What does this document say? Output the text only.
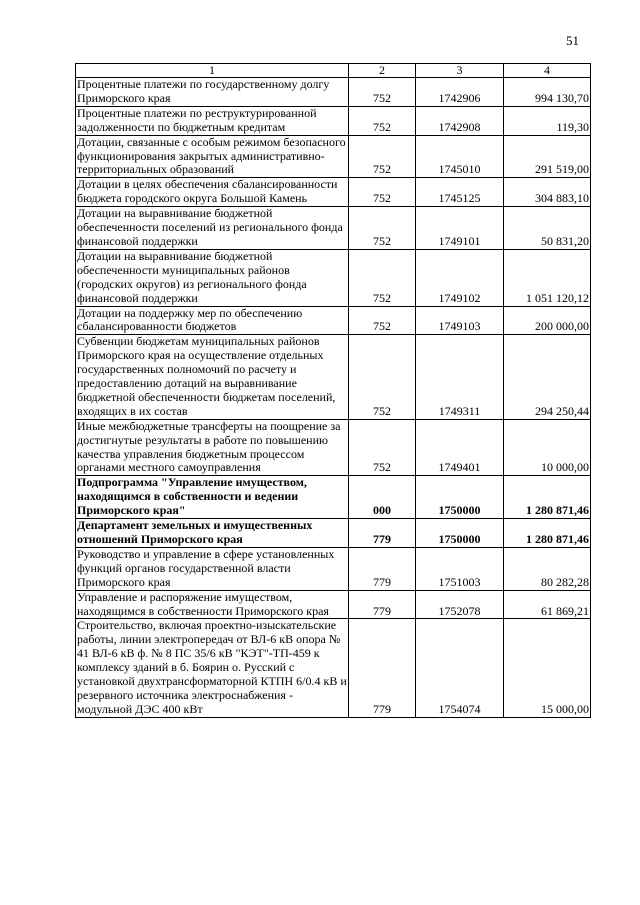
51
1	2	3	4
Процентные платежи по государственному долгу Приморского края	752	1742906	994 130,70
Процентные платежи по реструктурированной задолженности по бюджетным кредитам	752	1742908	119,30
Дотации, связанные с особым режимом безопасного функционирования закрытых административно-территориальных образований	752	1745010	291 519,00
Дотации в целях обеспечения сбалансированности бюджета городского округа Большой Камень	752	1745125	304 883,10
Дотации на выравнивание бюджетной обеспеченности поселений из регионального фонда финансовой поддержки	752	1749101	50 831,20
Дотации на выравнивание бюджетной обеспеченности муниципальных районов (городских округов) из регионального фонда финансовой поддержки	752	1749102	1 051 120,12
Дотации на поддержку мер по обеспечению сбалансированности бюджетов	752	1749103	200 000,00
Субвенции бюджетам муниципальных районов Приморского края на осуществление отдельных государственных полномочий по расчету и предоставлению дотаций на выравнивание бюджетной обеспеченности бюджетам поселений, входящих в их состав	752	1749311	294 250,44
Иные межбюджетные трансферты на поощрение за достигнутые результаты в работе по повышению качества управления бюджетным процессом органами местного самоуправления	752	1749401	10 000,00
Подпрограмма "Управление имуществом, находящимся в собственности и ведении Приморского края"	000	1750000	1 280 871,46
Департамент земельных и имущественных отношений Приморского края	779	1750000	1 280 871,46
Руководство и управление в сфере установленных функций органов государственной власти Приморского края	779	1751003	80 282,28
Управление и распоряжение имуществом, находящимся в собственности Приморского края	779	1752078	61 869,21
Строительство, включая проектно-изыскательские работы, линии электропередач от ВЛ-6 кВ опора № 41 ВЛ-6 кВ ф. № 8 ПС 35/6 кВ "КЭТ"-ТП-459 к комплексу зданий в б. Боярин о. Русский с установкой двухтрансформаторной КТПН 6/0.4 кВ и резервного источника электроснабжения - модульной ДЭС 400 кВт	779	1754074	15 000,00
